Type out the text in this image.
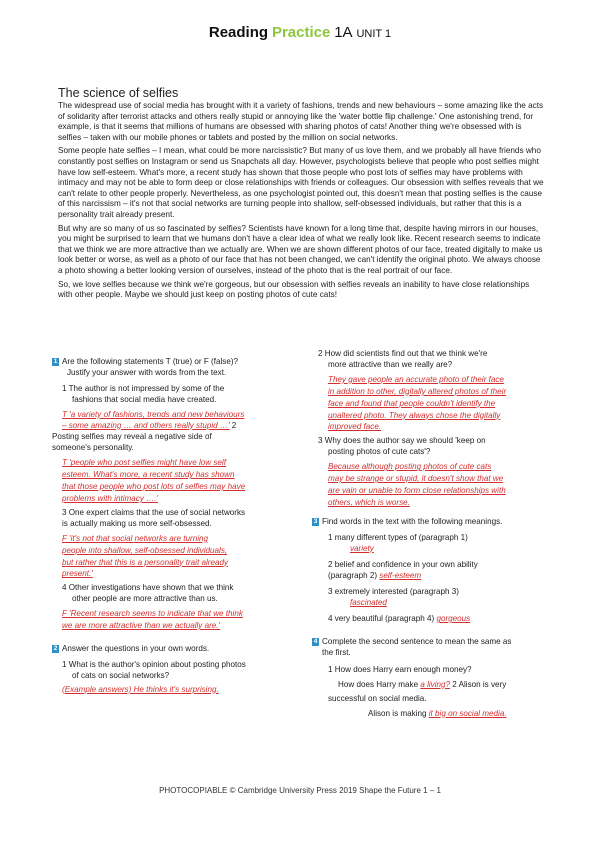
Reading Practice 1A UNIT 1
The science of selfies

The widespread use of social media has brought with it a variety of fashions, trends and new behaviours – some amazing like the acts of solidarity after terrorist attacks and others really stupid or annoying like the 'water bottle flip challenge.' One astonishing trend, for example, is that it seems that millions of humans are obsessed with sharing photos of cats! Another thing we're obsessed with is selfies – taken with our mobile phones or tablets and posted by the million on social networks.

Some people hate selfies – I mean, what could be more narcissistic? But many of us love them, and we probably all have friends who constantly post selfies on Instagram or send us Snapchats all day. However, psychologists believe that people who post selfies might have low self-esteem. What's more, a recent study has shown that those people who post lots of selfies may have problems with intimacy and may not be able to form deep or close relationships with friends or colleagues. Our obsession with selfies reveals that we can't relate to other people properly. Nevertheless, as one psychologist pointed out, this doesn't mean that posting selfies is the cause of this narcissism – it's not that social networks are turning people into shallow, self-obsessed individuals, but rather that this is a personality trait already present.

But why are so many of us so fascinated by selfies? Scientists have known for a long time that, despite having mirrors in our houses, you might be surprised to learn that we humans don't have a clear idea of what we really look like. Recent research seems to indicate that we think we are more attractive than we actually are. When we are shown different photos of our face, treated digitally to make us look better or worse, as well as a photo of our face that has not been changed, we can't identify the original photo. We always choose a photo showing a better looking version of ourselves, instead of the photo that is the real portrait of our face.

So, we love selfies because we think we're gorgeous, but our obsession with selfies reveals an inability to have close relationships with other people. Maybe we should just keep on posting photos of cute cats!

1 Are the following statements T (true) or F (false)?
Justify your answer with words from the text.
1 The author is not impressed by some of the
fashions that social media have created.
T 'a variety of fashions, trends and new behaviours
– some amazing … and others really stupid …' 2
Posting selfies may reveal a negative side of
someone's personality.
T 'people who post selfies might have low self
esteem. What's more, a recent study has shown
that those people who post lots of selfies may have
problems with intimacy ….'
3 One expert claims that the use of social networks
is actually making us more self-obsessed.
F 'it's not that social networks are turning
people into shallow, self-obsessed individuals,
but rather that this is a personality trait already
present.'
4 Other investigations have shown that we think
other people are more attractive than us.
F 'Recent research seems to indicate that we think
we are more attractive than we actually are.'
2 Answer the questions in your own words.
1 What is the author's opinion about posting photos
of cats on social networks?
(Example answers) He thinks it's surprising.
2 How did scientists find out that we think we're
more attractive than we really are?
They gave people an accurate photo of their face
in addition to other, digitally altered photos of their
face and found that people couldn't identify the
unaltered photo. They always chose the digitally
improved face.
3 Why does the author say we should 'keep on
posting photos of cute cats'?
Because although posting photos of cute cats
may be strange or stupid, it doesn't show that we
are vain or unable to form close relationships with
others, which is worse.
3 Find words in the text with the following meanings.
1 many different types of (paragraph 1)
variety
2 belief and confidence in your own ability
(paragraph 2) self-esteem
3 extremely interested (paragraph 3)
fascinated
4 very beautiful (paragraph 4) gorgeous
4 Complete the second sentence to mean the same as
the first.
1 How does Harry earn enough money?
How does Harry make a living? 2 Alison is very
successful on social media.
Alison is making it big on social media.
PHOTOCOPIABLE © Cambridge University Press 2019 Shape the Future 1 – 1
